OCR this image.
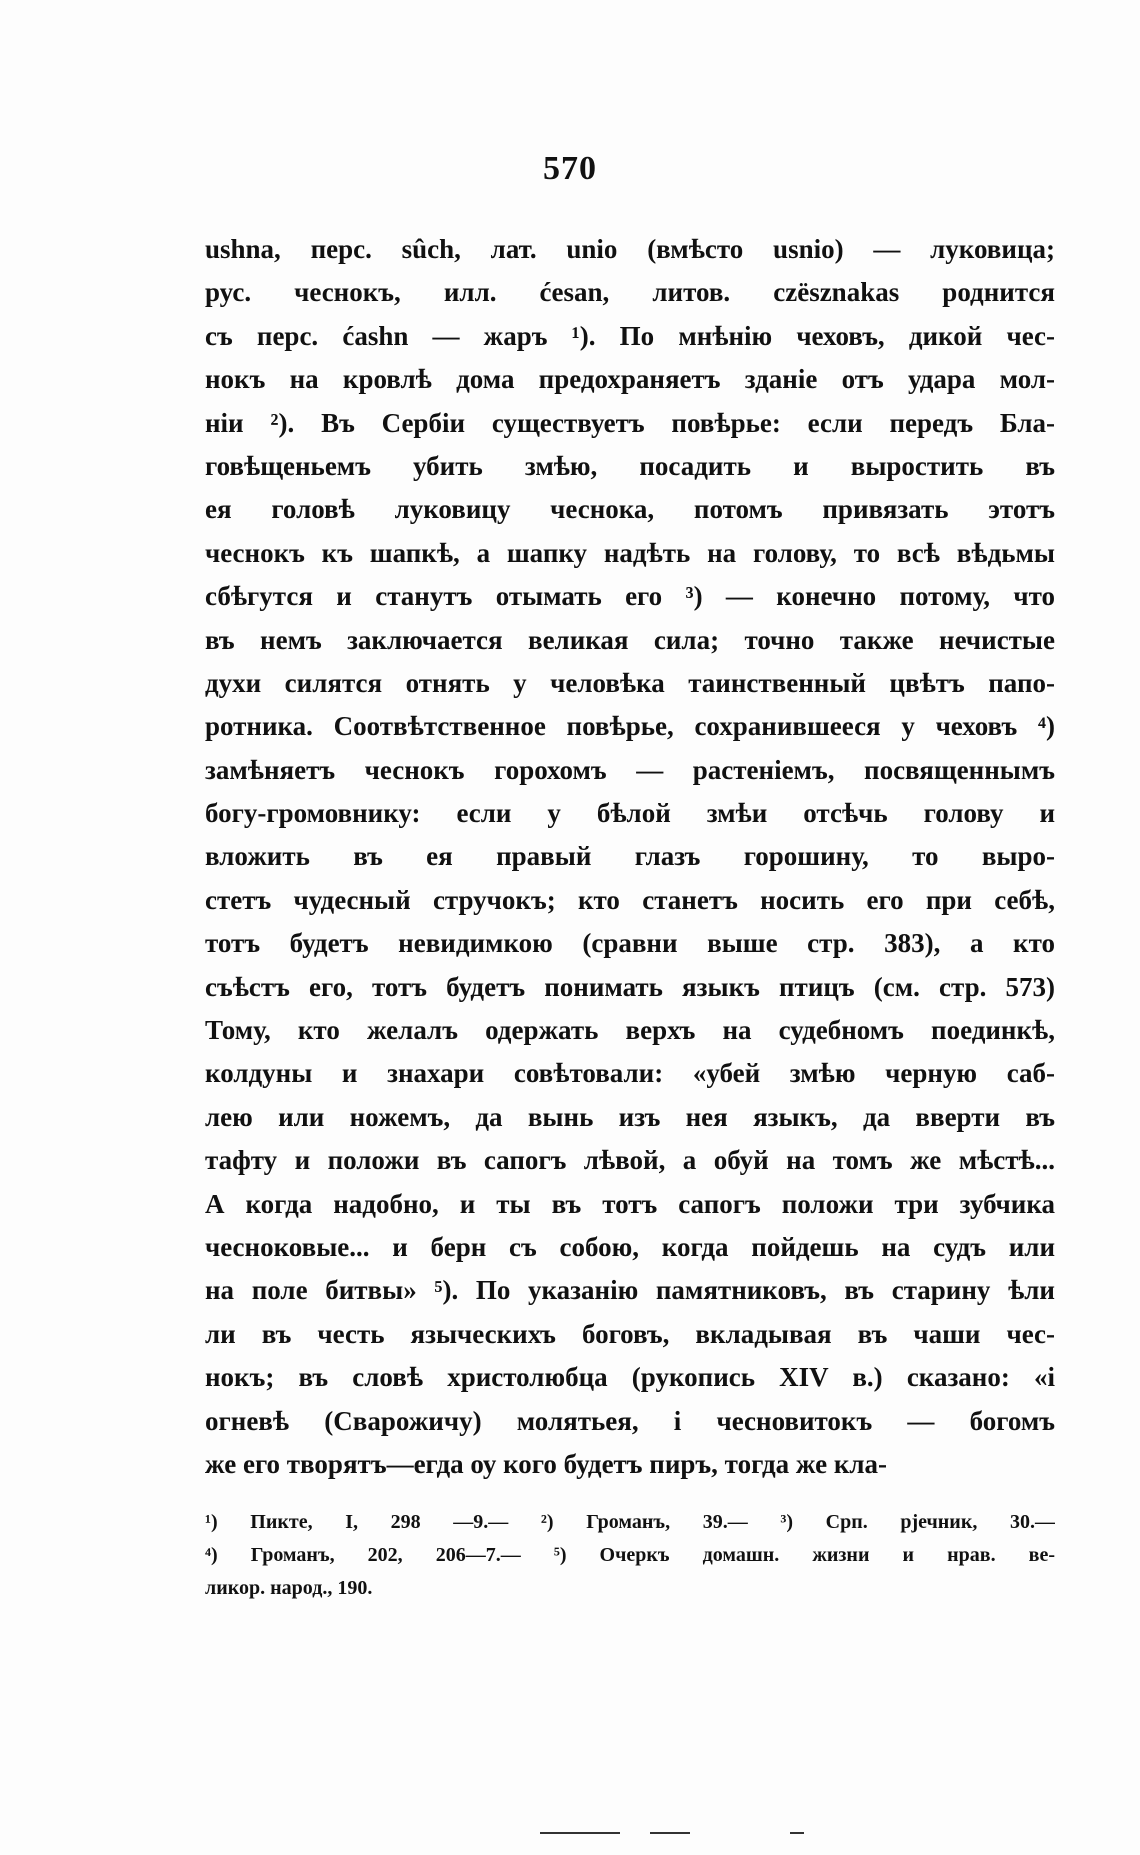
570
ushna, перс. sûch, лат. unio (вмѣсто usnio) — луковица;
рус. чеснокъ, илл. ćesan, литов. czësznakas роднится
съ перс. ćashn — жаръ ¹). По мнѣнію чеховъ, дикой чес-
нокъ на кровлѣ дома предохраняетъ зданіе отъ удара мол-
ніи ²). Въ Сербіи существуетъ повѣрье: если передъ Бла-
говѣщеньемъ убить змѣю, посадить и выростить въ
ея головѣ луковицу чеснока, потомъ привязать этотъ
чеснокъ къ шапкѣ, а шапку надѣть на голову, то всѣ вѣдьмы
сбѣгутся и станутъ отымать его ³) — конечно потому, что
въ немъ заключается великая сила; точно также нечистые
духи силятся отнять у человѣка таинственный цвѣтъ папо-
ротника. Соотвѣтственное повѣрье, сохранившееся у чеховъ ⁴)
замѣняетъ чеснокъ горохомъ — растеніемъ, посвященнымъ
богу-громовнику: если у бѣлой змѣи отсѣчь голову и
вложить въ ея правый глазъ горошину, то выро-
стетъ чудесный стручокъ; кто станетъ носить его при себѣ,
тотъ будетъ невидимкою (сравни выше стр. 383), а кто
съѣстъ его, тотъ будетъ понимать языкъ птицъ (см. стр. 573)
Тому, кто желалъ одержать верхъ на судебномъ поединкѣ,
колдуны и знахари совѣтовали: «убей змѣю черную саб-
лею или ножемъ, да вынь изъ нея языкъ, да вверти въ
тафту и положи въ сапогъ лѣвой, а обуй на томъ же мѣстѣ...
А когда надобно, и ты въ тотъ сапогъ положи три зубчика
чесноковые... и берн съ собою, когда пойдешь на судъ или
на поле битвы» ⁵). По указанію памятниковъ, въ старину ѣли
ли въ честь языческихъ боговъ, вкладывая въ чаши чес-
нокъ; въ словѣ христолюбца (рукопись XIV в.) сказано: «і
огневѣ (Сварожичу) молятьея, і чесновитокъ — богомъ
же его творятъ—егда оу кого будетъ пиръ, тогда же кла-
¹) Пикте, I, 298 —9.— ²) Громанъ, 39.— ³) Срп. рјечник, 30.—
⁴) Громанъ, 202, 206—7.— ⁵) Очеркъ домашн. жизни и нрав. ве-
ликор. народ., 190.
